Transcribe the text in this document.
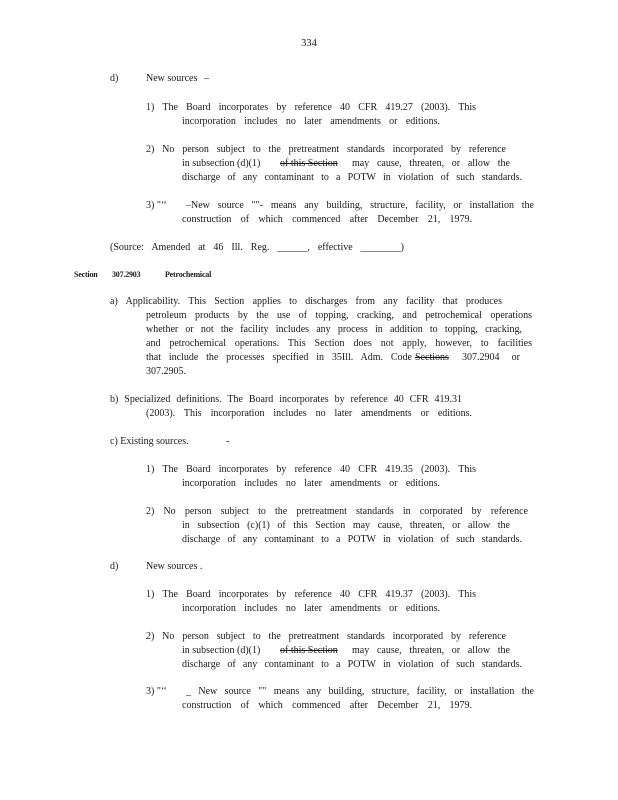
334
d)	New sources –
1) The Board incorporates by reference 40 CFR 419.27 (2003). This
incorporation includes no later amendments or editions.
2) No person subject to the pretreatment standards incorporated by reference
in subsection (d)(1) of this Section may cause, threaten, or allow the
discharge of any contaminant to a POTW in violation of such standards.
3) "‘‘ –New source ""- means any building, structure, facility, or installation the
construction of which commenced after December 21, 1979.
(Source: Amended at 46 Ill. Reg. ______, effective ________)
Section 307.2903	Petrochemical
a) Applicability. This Section applies to discharges from any facility that produces
petroleum products by the use of topping, cracking, and petrochemical operations
whether or not the facility includes any process in addition to topping, cracking,
and petrochemical operations. This Section does not apply, however, to facilities
that include the processes specified in 35Ill. Adm. Code Sections 307.2904 or
307.2905.
b) Specialized definitions. The Board incorporates by reference 40 CFR 419.31
(2003). This incorporation includes no later amendments or editions.
c) Existing sources.	-
1) The Board incorporates by reference 40 CFR 419.35 (2003). This
incorporation includes no later amendments or editions.
2) No person subject to the pretreatment standards in corporated by reference
in subsection (c)(1) of this Section may cause, threaten, or allow the
discharge of any contaminant to a POTW in violation of such standards.
d)	New sources .
1) The Board incorporates by reference 40 CFR 419.37 (2003). This
incorporation includes no later amendments or editions.
2) No person subject to the pretreatment standards incorporated by reference
in subsection (d)(1) of this Section may cause, threaten, or allow the
discharge of any contaminant to a POTW in violation of such standards.
3) "‘‘ _ New source "" means any building, structure, facility, or installation the
construction of which commenced after December 21, 1979.
